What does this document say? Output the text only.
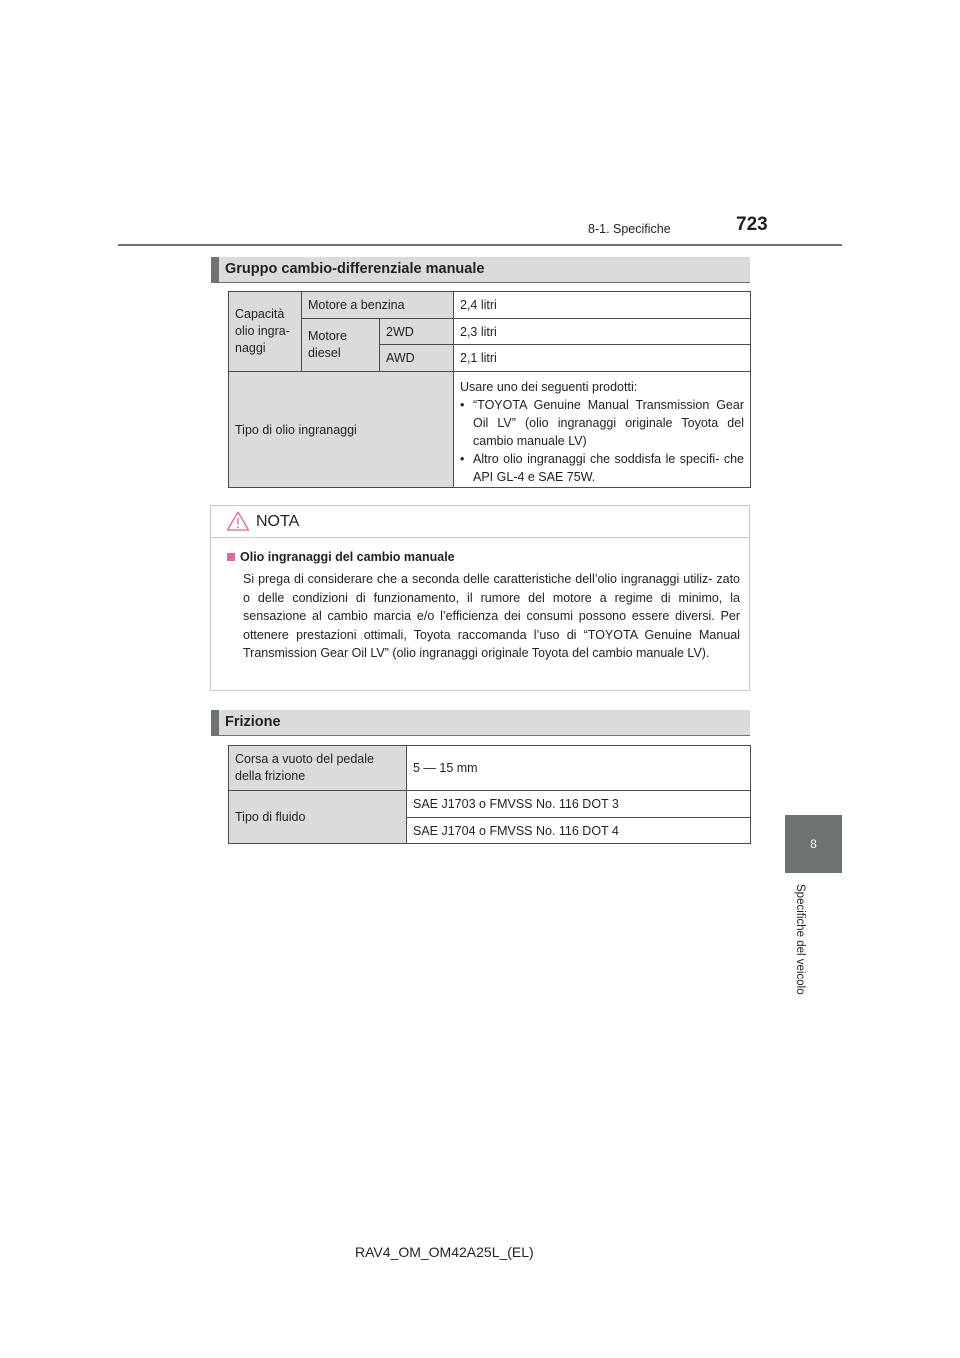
8-1. Specifiche	723
8
Specifiche del veicolo
Gruppo cambio-differenziale manuale
Capacità olio ingra- naggi	Motore a benzina		2,4 litri
	Motore diesel	2WD	2,3 litri
		AWD	2,1 litri
Tipo di olio ingranaggi			Usare uno dei seguenti prodotti:
• “TOYOTA Genuine Manual Transmission Gear Oil LV” (olio ingranaggi originale Toyota del cambio manuale LV)
• Altro olio ingranaggi che soddisfa le specifi- che API GL-4 e SAE 75W.
NOTA
Olio ingranaggi del cambio manuale

Si prega di considerare che a seconda delle caratteristiche dell’olio ingranaggi utiliz- zato o delle condizioni di funzionamento, il rumore del motore a regime di minimo, la sensazione al cambio marcia e/o l’efficienza dei consumi possono essere diversi. Per ottenere prestazioni ottimali, Toyota raccomanda l’uso di “TOYOTA Genuine Manual Transmission Gear Oil LV” (olio ingranaggi originale Toyota del cambio manuale LV).

Frizione
Corsa a vuoto del pedale della frizione	5 — 15 mm
Tipo di fluido	SAE J1703 o FMVSS No. 116 DOT 3
	SAE J1704 o FMVSS No. 116 DOT 4
RAV4_OM_OM42A25L_(EL)
